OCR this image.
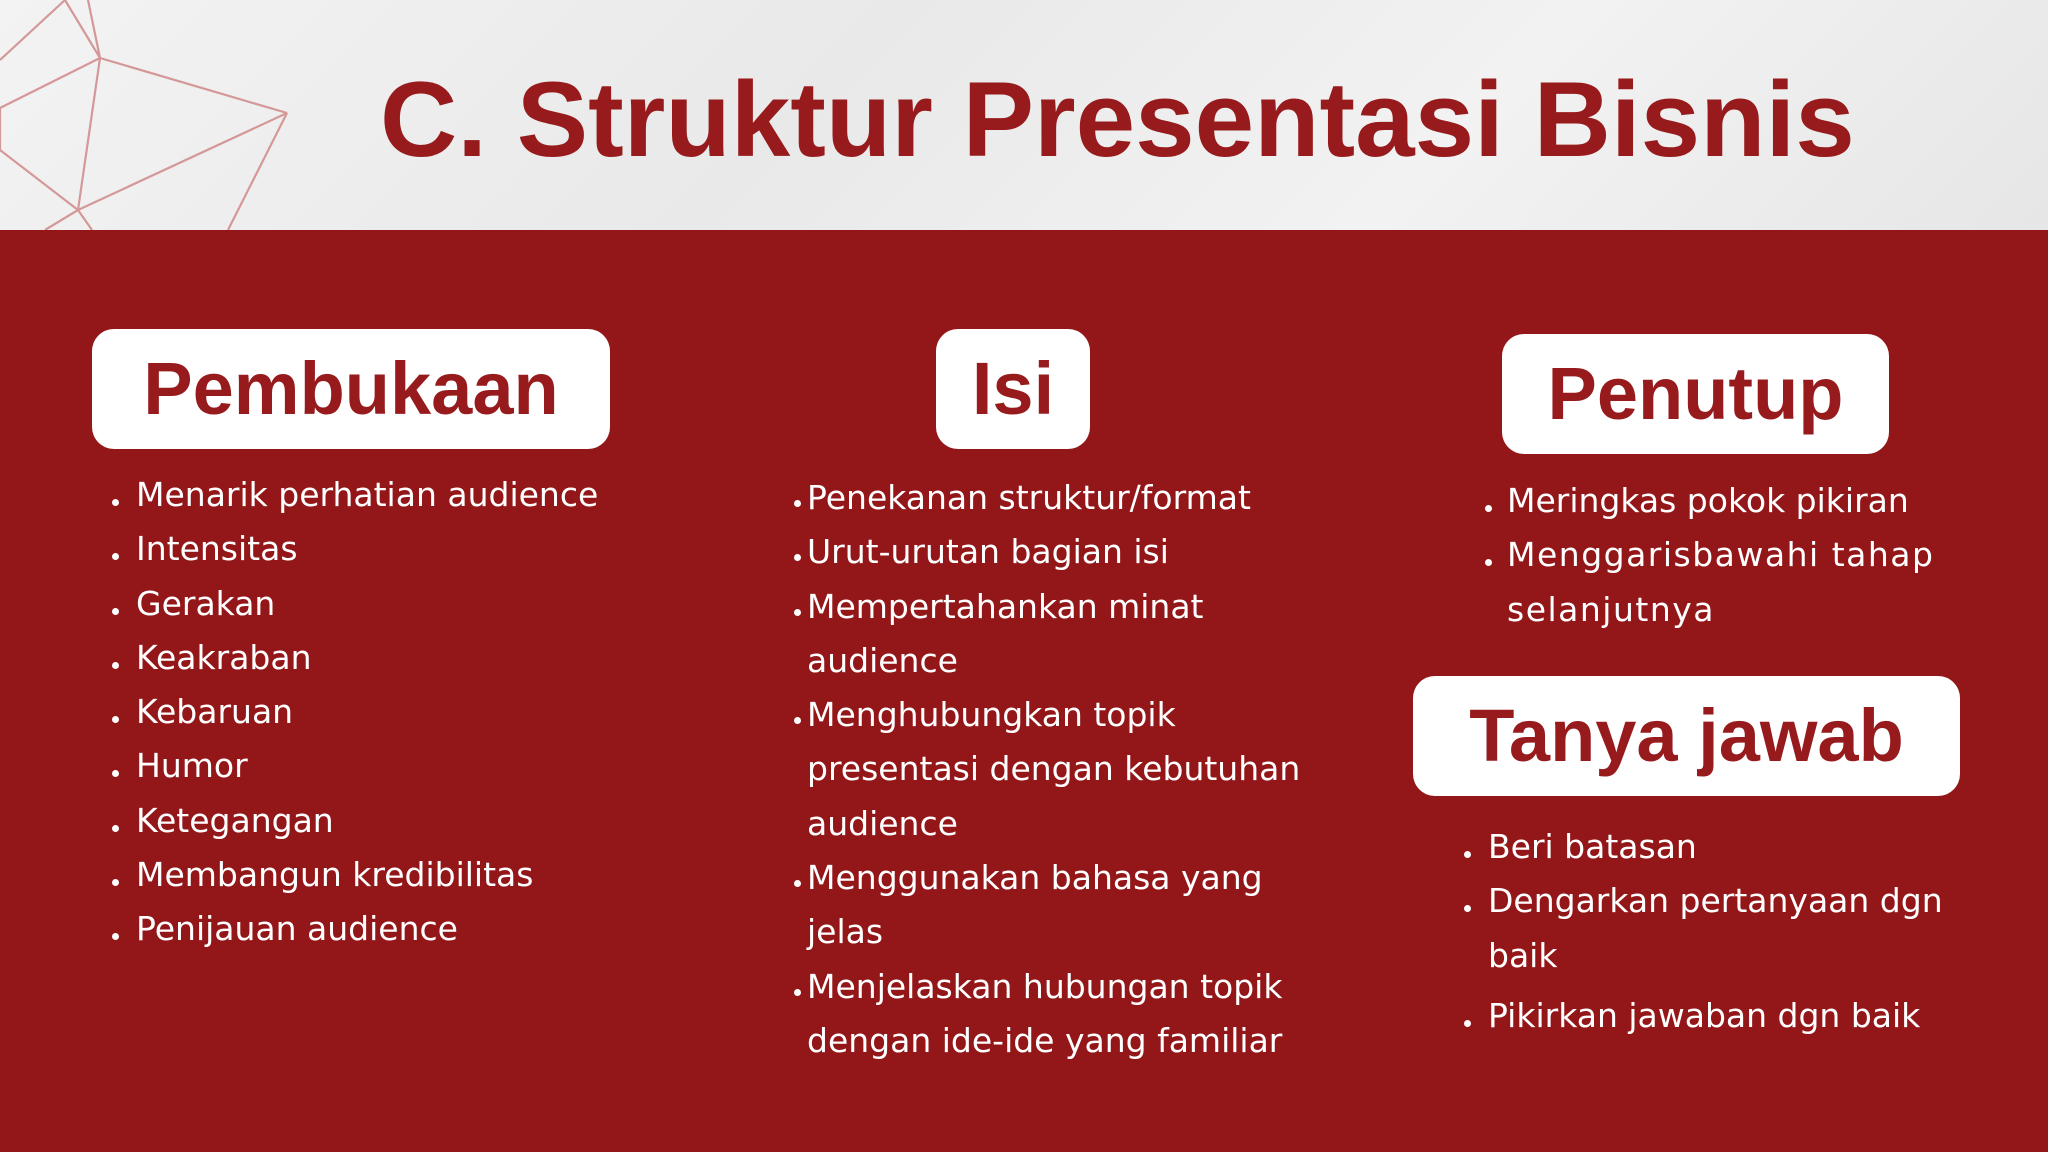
C. Struktur Presentasi Bisnis
Pembukaan	Isi	Penutup
Tanya jawab
Menarik perhatian audience
Intensitas
Gerakan
Keakraban
Kebaruan
Humor
Ketegangan
Membangun kredibilitas
Penijauan audience
Penekanan struktur/format
Urut-urutan bagian isi
Mempertahankan minat audience
Menghubungkan topik presentasi dengan kebutuhan audience
Menggunakan bahasa yang jelas
Menjelaskan hubungan topik dengan ide-ide yang familiar
Meringkas pokok pikiran
Menggarisbawahi tahap selanjutnya
Beri batasan
Dengarkan pertanyaan dgn baik
Pikirkan jawaban dgn baik
